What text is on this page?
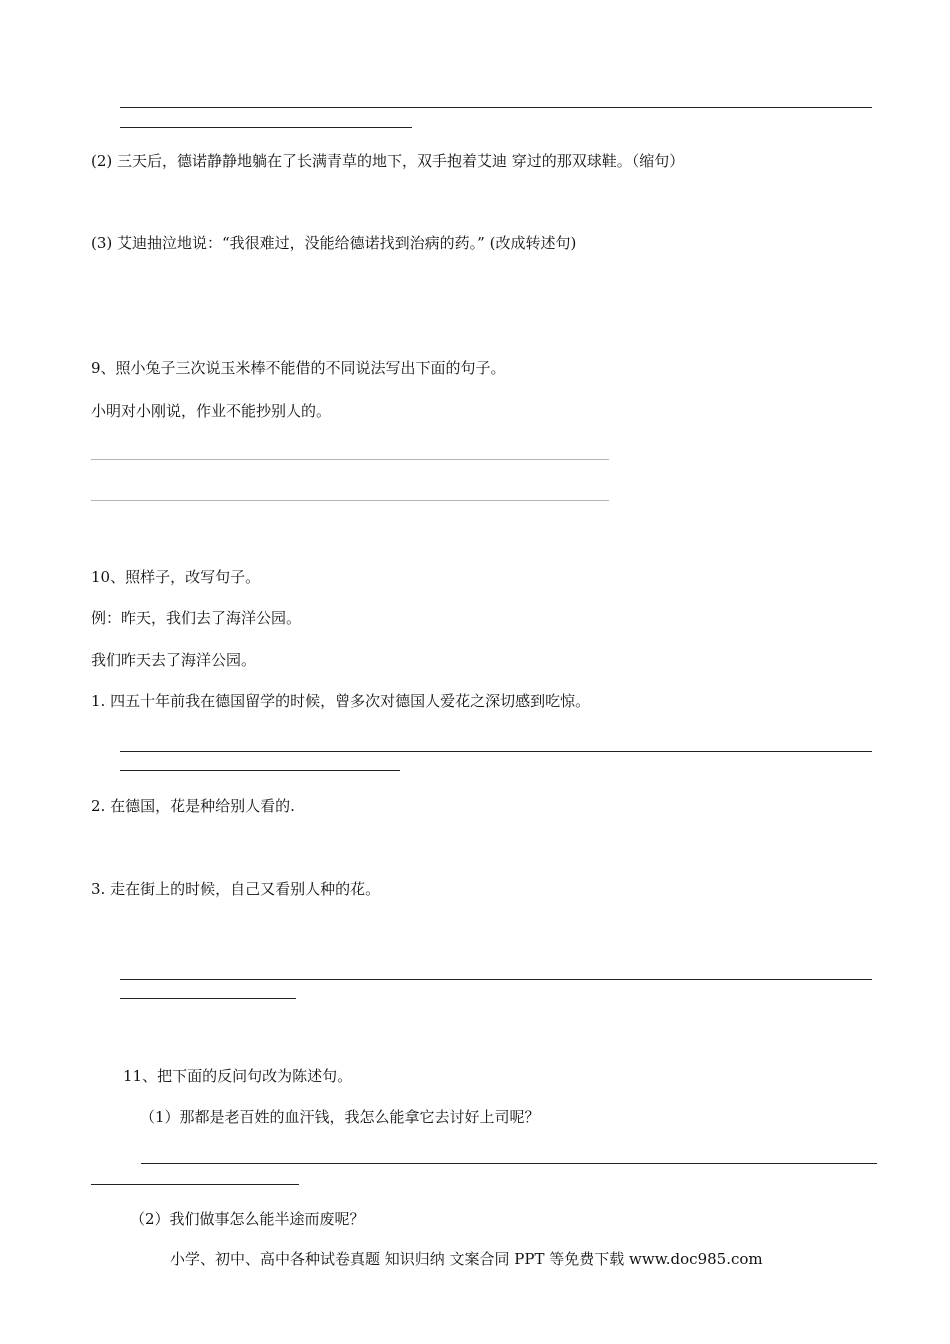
(2) 三天后，德诺静静地躺在了长满青草的地下，双手抱着艾迪 穿过的那双球鞋。（缩句）
(3) 艾迪抽泣地说：“我很难过，没能给德诺找到治病的药。” (改成转述句)
9、照小兔子三次说玉米棒不能借的不同说法写出下面的句子。
小明对小刚说，作业不能抄别人的。
10、照样子，改写句子。
例：昨天，我们去了海洋公园。
我们昨天去了海洋公园。
1. 四五十年前我在德国留学的时候，曾多次对德国人爱花之深切感到吃惊。
2. 在德国，花是种给别人看的.
3. 走在街上的时候，自己又看别人种的花。
11、把下面的反问句改为陈述句。
（1）那都是老百姓的血汗钱，我怎么能拿它去讨好上司呢？
（2）我们做事怎么能半途而废呢？
小学、初中、高中各种试卷真题 知识归纳 文案合同 PPT 等免费下载 www.doc985.com
